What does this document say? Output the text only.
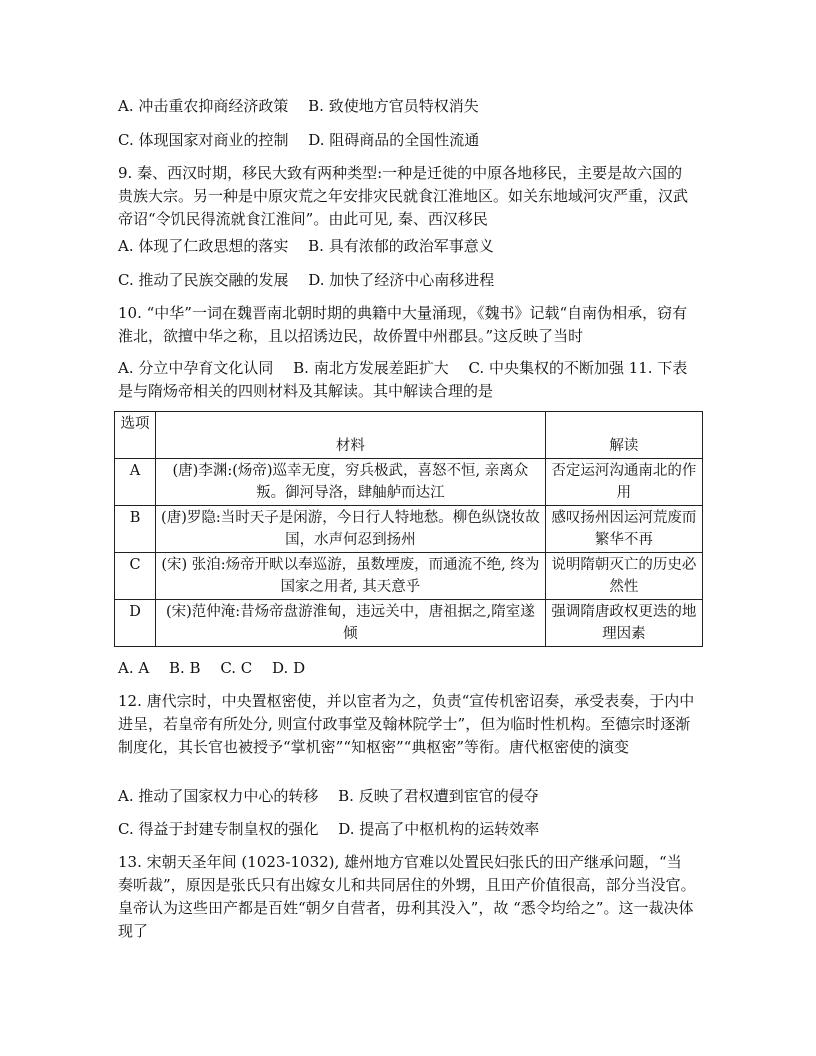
A. 冲击重农抑商经济政策　 B. 致使地方官员特权消失
C. 体现国家对商业的控制　 D. 阻碍商品的全国性流通
9. 秦、西汉时期，移民大致有两种类型:一种是迁徙的中原各地移民，主要是故六国的贵族大宗。另一种是中原灾荒之年安排灾民就食江淮地区。如关东地域河灾严重，汉武帝诏“令饥民得流就食江淮间”。由此可见, 秦、西汉移民
A. 体现了仁政思想的落实　 B. 具有浓郁的政治军事意义
C. 推动了民族交融的发展　 D. 加快了经济中心南移进程
10. “中华”一词在魏晋南北朝时期的典籍中大量涌现，《魏书》记载“自南伪相承，窃有淮北，欲擅中华之称，且以招诱边民，故侨置中州郡县。”这反映了当时
A. 分立中孕育文化认同　 B. 南北方发展差距扩大　 C. 中央集权的不断加强 11. 下表是与隋炀帝相关的四则材料及其解读。其中解读合理的是
选项	材料	解读
A	(唐)李渊:(炀帝)巡幸无度，穷兵极武，喜怒不恒, 亲离众叛。御河导洛，肆舳舻而达江	否定运河沟通南北的作用
B	(唐)罗隐:当时天子是闲游，今日行人特地愁。柳色纵饶妆故国，水声何忍到扬州	感叹扬州因运河荒废而繁华不再
C	(宋) 张洎:炀帝开畎以奉巡游，虽数堙废，而通流不绝, 终为国家之用者, 其天意乎	说明隋朝灭亡的历史必然性
D	(宋)范仲淹:昔炀帝盘游淮甸，违远关中，唐祖据之,隋室遂倾	强调隋唐政权更迭的地理因素
A. A　 B. B　 C. C　 D. D
12. 唐代宗时，中央置枢密使，并以宦者为之，负责“宣传机密诏奏，承受表奏，于内中进呈，若皇帝有所处分, 则宣付政事堂及翰林院学士”，但为临时性机构。至德宗时逐渐制度化，其长官也被授予“掌机密”“知枢密”“典枢密”等衔。唐代枢密使的演变
A. 推动了国家权力中心的转移　 B. 反映了君权遭到宦官的侵夺
C. 得益于封建专制皇权的强化　 D. 提高了中枢机构的运转效率
13. 宋朝天圣年间 (1023-1032), 雄州地方官难以处置民妇张氏的田产继承问题，“当奏听裁”，原因是张氏只有出嫁女儿和共同居住的外甥，且田产价值很高，部分当没官。皇帝认为这些田产都是百姓“朝夕自营者，毋利其没入”，故 “悉令均给之”。这一裁决体现了
